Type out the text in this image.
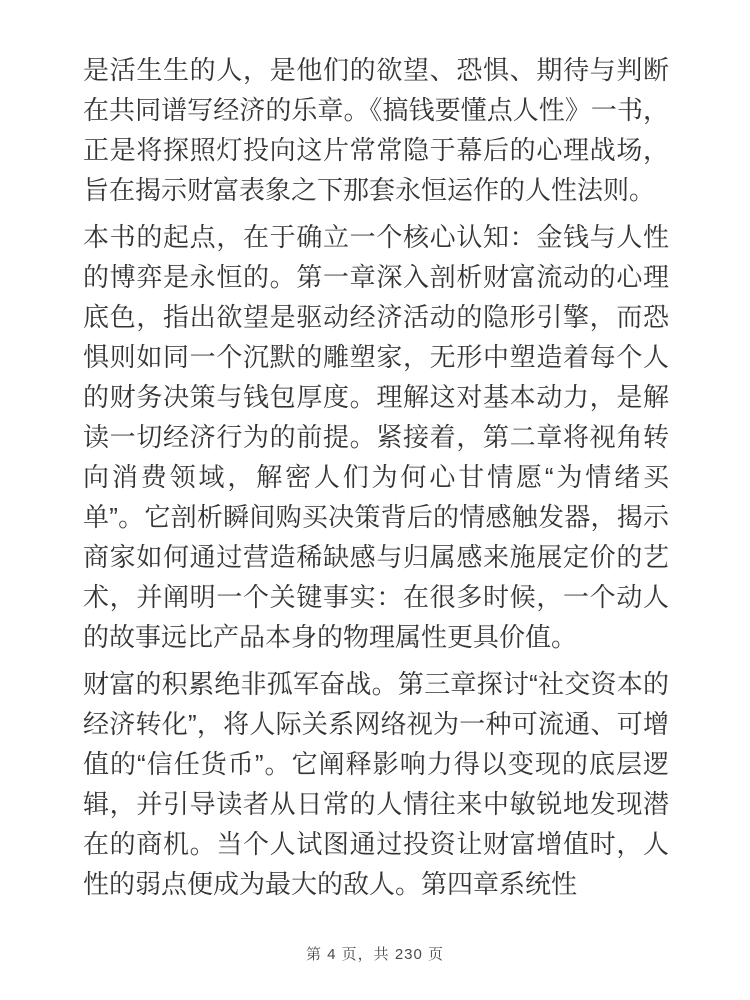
是活生生的人，是他们的欲望、恐惧、期待与判断在共同谱写经济的乐章。《搞钱要懂点人性》一书，正是将探照灯投向这片常常隐于幕后的心理战场，旨在揭示财富表象之下那套永恒运作的人性法则。

本书的起点，在于确立一个核心认知：金钱与人性的博弈是永恒的。第一章深入剖析财富流动的心理底色，指出欲望是驱动经济活动的隐形引擎，而恐惧则如同一个沉默的雕塑家，无形中塑造着每个人的财务决策与钱包厚度。理解这对基本动力，是解读一切经济行为的前提。紧接着，第二章将视角转向消费领域，解密人们为何心甘情愿“为情绪买单”。它剖析瞬间购买决策背后的情感触发器，揭示商家如何通过营造稀缺感与归属感来施展定价的艺术，并阐明一个关键事实：在很多时候，一个动人的故事远比产品本身的物理属性更具价值。

财富的积累绝非孤军奋战。第三章探讨“社交资本的经济转化”，将人际关系网络视为一种可流通、可增值的“信任货币”。它阐释影响力得以变现的底层逻辑，并引导读者从日常的人情往来中敏锐地发现潜在的商机。当个人试图通过投资让财富增值时，人性的弱点便成为最大的敌人。第四章系统性

第 4 页，共 230 页
